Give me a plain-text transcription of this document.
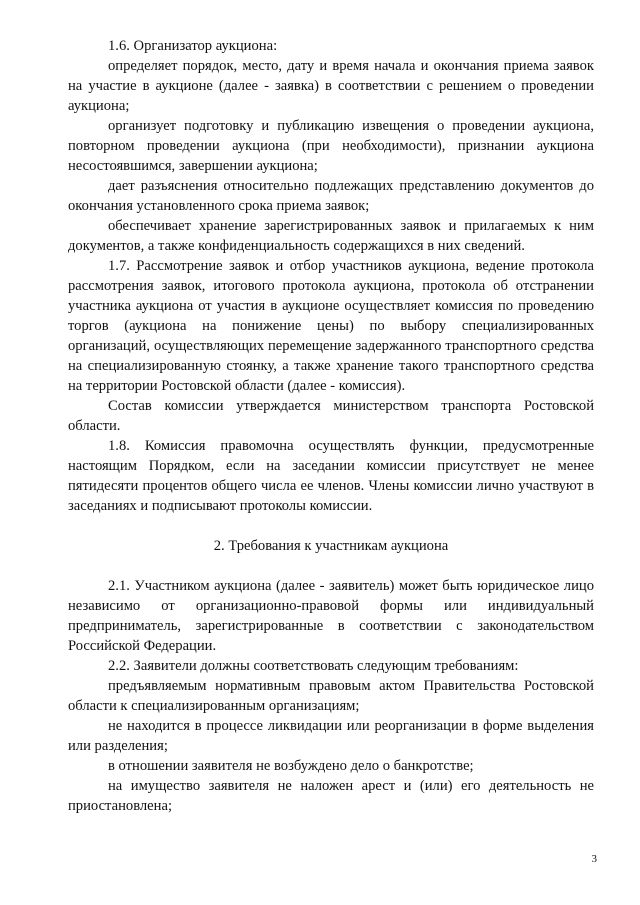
1.6. Организатор аукциона:

определяет порядок, место, дату и время начала и окончания приема заявок на участие в аукционе (далее - заявка) в соответствии с решением о проведении аукциона;

организует подготовку и публикацию извещения о проведении аукциона, повторном проведении аукциона (при необходимости), признании аукциона несостоявшимся, завершении аукциона;

дает разъяснения относительно подлежащих представлению документов до окончания установленного срока приема заявок;

обеспечивает хранение зарегистрированных заявок и прилагаемых к ним документов, а также конфиденциальность содержащихся в них сведений.

1.7. Рассмотрение заявок и отбор участников аукциона, ведение протокола рассмотрения заявок, итогового протокола аукциона, протокола об отстранении участника аукциона от участия в аукционе осуществляет комиссия по проведению торгов (аукциона на понижение цены) по выбору специализированных организаций, осуществляющих перемещение задержанного транспортного средства на специализированную стоянку, а также хранение такого транспортного средства на территории Ростовской области (далее - комиссия).

Состав комиссии утверждается министерством транспорта Ростовской области.

1.8. Комиссия правомочна осуществлять функции, предусмотренные настоящим Порядком, если на заседании комиссии присутствует не менее пятидесяти процентов общего числа ее членов. Члены комиссии лично участвуют в заседаниях и подписывают протоколы комиссии.

2. Требования к участникам аукциона

2.1. Участником аукциона (далее - заявитель) может быть юридическое лицо независимо от организационно-правовой формы или индивидуальный предприниматель, зарегистрированные в соответствии с законодательством Российской Федерации.

2.2. Заявители должны соответствовать следующим требованиям:

предъявляемым нормативным правовым актом Правительства Ростовской области к специализированным организациям;

не находится в процессе ликвидации или реорганизации в форме выделения или разделения;

в отношении заявителя не возбуждено дело о банкротстве;

на имущество заявителя не наложен арест и (или) его деятельность не приостановлена;

3
